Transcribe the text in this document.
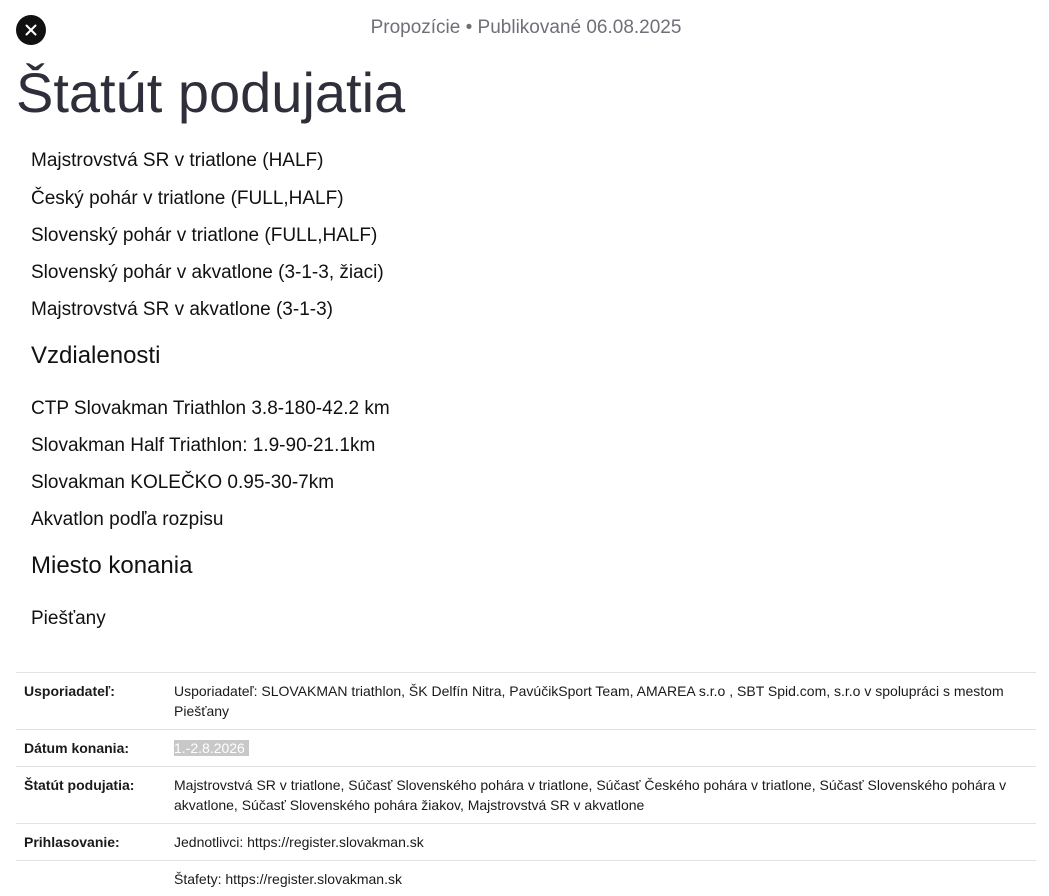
Propozície • Publikované 06.08.2025
Štatút podujatia
Majstrovstvá SR v triatlone (HALF)
Český pohár v triatlone (FULL,HALF)
Slovenský pohár v triatlone (FULL,HALF)
Slovenský pohár v akvatlone (3-1-3, žiaci)
Majstrovstvá SR v akvatlone (3-1-3)
Vzdialenosti
CTP Slovakman Triathlon 3.8-180-42.2 km
Slovakman Half Triathlon: 1.9-90-21.1km
Slovakman KOLEČKO 0.95-30-7km
Akvatlon podľa rozpisu
Miesto konania
Piešťany
Usporiadateľ:	Usporiadateľ: SLOVAKMAN triathlon, ŠK Delfín Nitra, PavúčikSport Team, AMAREA s.r.o , SBT Spid.com, s.r.o v spolupráci s mestom Piešťany
Dátum konania:	1.-2.8.2026
Štatút podujatia:	Majstrovstvá SR v triatlone, Súčasť Slovenského pohára v triatlone, Súčasť Českého pohára v triatlone, Súčasť Slovenského pohára v akvatlone, Súčasť Slovenského pohára žiakov, Majstrovstvá SR v akvatlone
Prihlasovanie:	Jednotlivci: https://register.slovakman.sk
	Štafety: https://register.slovakman.sk
